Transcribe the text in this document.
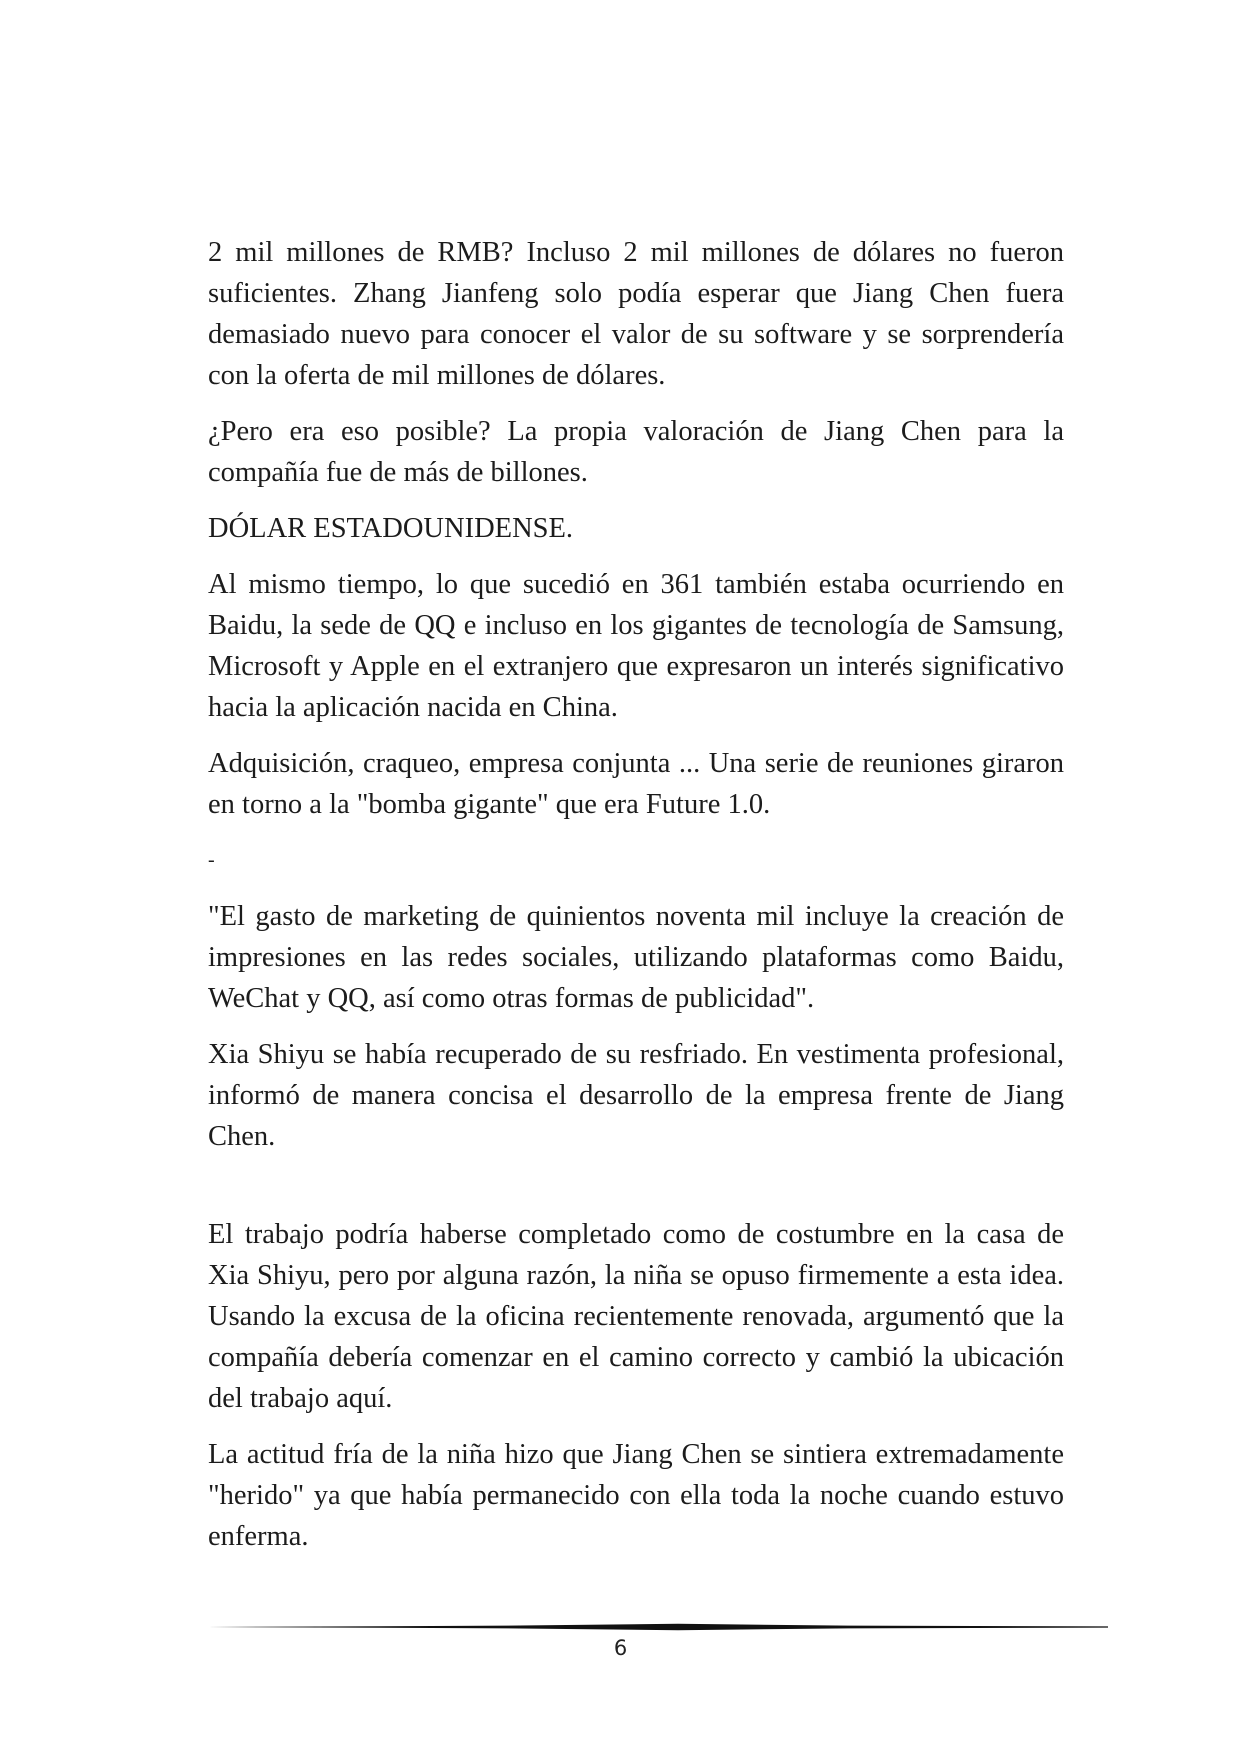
2 mil millones de RMB? Incluso 2 mil millones de dólares no fueron suficientes. Zhang Jianfeng solo podía esperar que Jiang Chen fuera demasiado nuevo para conocer el valor de su software y se sorprendería con la oferta de mil millones de dólares.

¿Pero era eso posible? La propia valoración de Jiang Chen para la compañía fue de más de billones.

DÓLAR ESTADOUNIDENSE.

Al mismo tiempo, lo que sucedió en 361 también estaba ocurriendo en Baidu, la sede de QQ e incluso en los gigantes de tecnología de Samsung, Microsoft y Apple en el extranjero que expresaron un interés significativo hacia la aplicación nacida en China.

Adquisición, craqueo, empresa conjunta ... Una serie de reuniones giraron en torno a la "bomba gigante" que era Future 1.0.

-

"El gasto de marketing de quinientos noventa mil incluye la creación de impresiones en las redes sociales, utilizando plataformas como Baidu, WeChat y QQ, así como otras formas de publicidad".

Xia Shiyu se había recuperado de su resfriado. En vestimenta profesional, informó de manera concisa el desarrollo de la empresa frente de Jiang Chen.

El trabajo podría haberse completado como de costumbre en la casa de Xia Shiyu, pero por alguna razón, la niña se opuso firmemente a esta idea. Usando la excusa de la oficina recientemente renovada, argumentó que la compañía debería comenzar en el camino correcto y cambió la ubicación del trabajo aquí.

La actitud fría de la niña hizo que Jiang Chen se sintiera extremadamente "herido" ya que había permanecido con ella toda la noche cuando estuvo enferma.

6
